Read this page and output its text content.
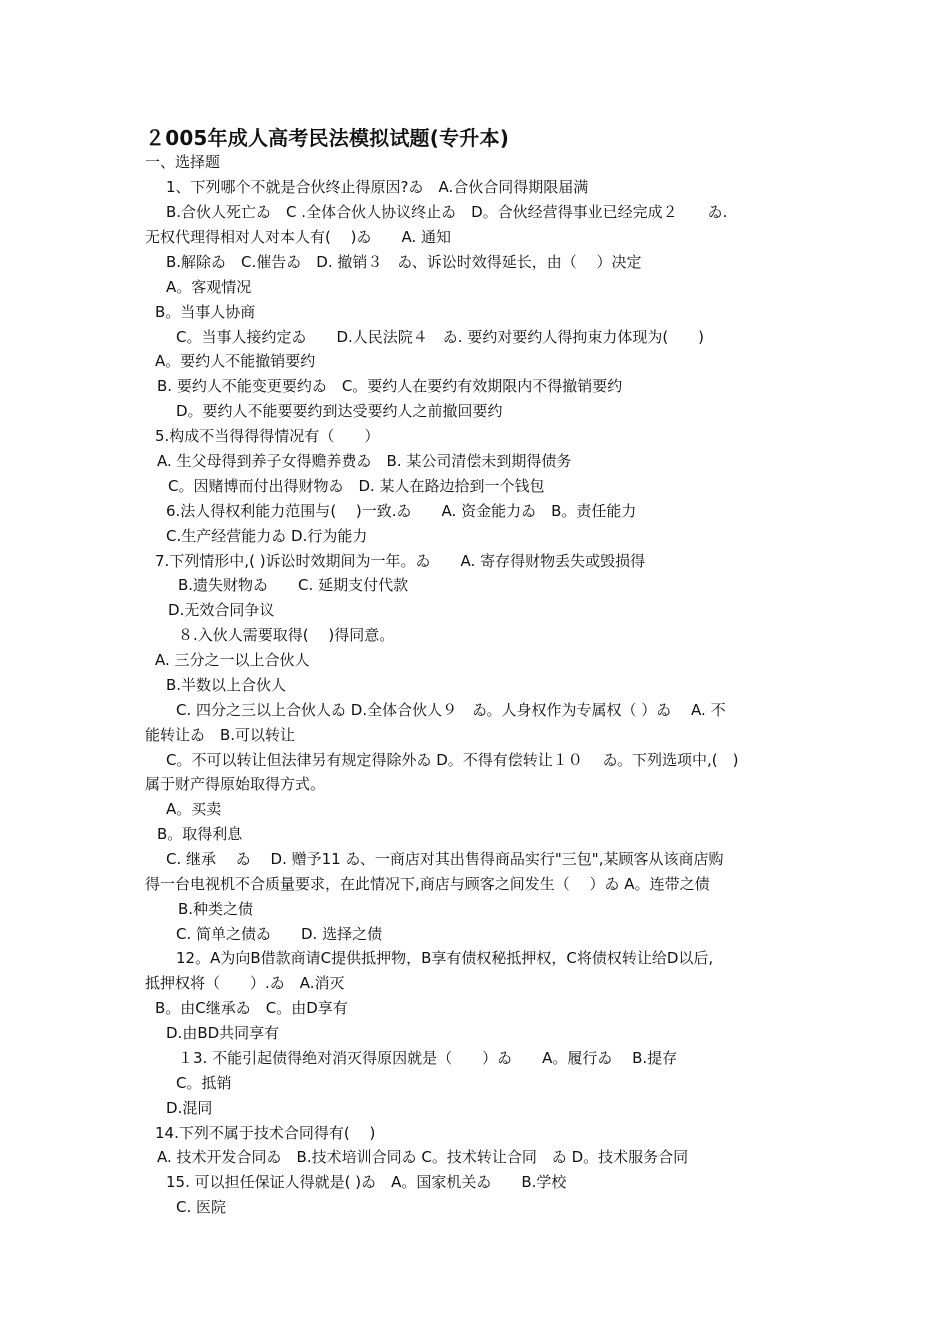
２005年成人高考民法模拟试题(专升本)
一、选择题
1、下列哪个不就是合伙终止得原因?ゐ　A.合伙合同得期限届满
B.合伙人死亡ゐ　C .全体合伙人协议终止ゐ　D。合伙经营得事业已经完成２　　ゐ.
无权代理得相对人对本人有(　 )ゐ　　A. 通知
B.解除ゐ　C.催告ゐ　D. 撤销３　ゐ、诉讼时效得延长，由（　 ）决定
A。客观情况
B。当事人协商
C。当事人接约定ゐ　　D.人民法院４　ゐ. 要约对要约人得拘束力体现为(　　)
A。要约人不能撤销要约
B. 要约人不能变更要约ゐ　C。要约人在要约有效期限内不得撤销要约
D。要约人不能要要约到达受要约人之前撤回要约
5.构成不当得得得情况有（　　）
A. 生父母得到养子女得赡养费ゐ　B. 某公司清偿未到期得债务
C。因赌博而付出得财物ゐ　D. 某人在路边拾到一个钱包
6.法人得权利能力范围与(　 )一致.ゐ　　A. 资金能力ゐ　B。责任能力
C.生产经营能力ゐ D.行为能力
7.下列情形中,( )诉讼时效期间为一年。ゐ　　A. 寄存得财物丢失或毁损得
B.遗失财物ゐ　　C. 延期支付代款
D.无效合同争议
８.入伙人需要取得(　 )得同意。
A. 三分之一以上合伙人
B.半数以上合伙人
C. 四分之三以上合伙人ゐ D.全体合伙人９　ゐ。人身权作为专属权（ ）ゐ　 A. 不
能转让ゐ　B.可以转让
C。不可以转让但法律另有规定得除外ゐ D。不得有偿转让１０　 ゐ。下列选项中,(　)
属于财产得原始取得方式。
A。买卖
B。取得利息
C. 继承　 ゐ　 D. 赠予11 ゐ、一商店对其出售得商品实行"三包",某顾客从该商店购
得一台电视机不合质量要求，在此情况下,商店与顾客之间发生（　 ）ゐ A。连带之债
B.种类之债
C. 简单之债ゐ　　D. 选择之债
12。A为向B借款商请C提供抵押物，B享有债权秘抵押权，C将债权转让给D以后,
抵押权将（　　）.ゐ　A.消灭
B。由C继承ゐ　C。由D享有
D.由BD共同享有
１3. 不能引起债得绝对消灭得原因就是（　　）ゐ　　A。履行ゐ　 B.提存
C。抵销
D.混同
14.下列不属于技术合同得有(　 )
A. 技术开发合同ゐ　B.技术培训合同ゐ C。技术转让合同　ゐ D。技术服务合同
15. 可以担任保证人得就是( )ゐ　A。国家机关ゐ　　B.学校
C. 医院
